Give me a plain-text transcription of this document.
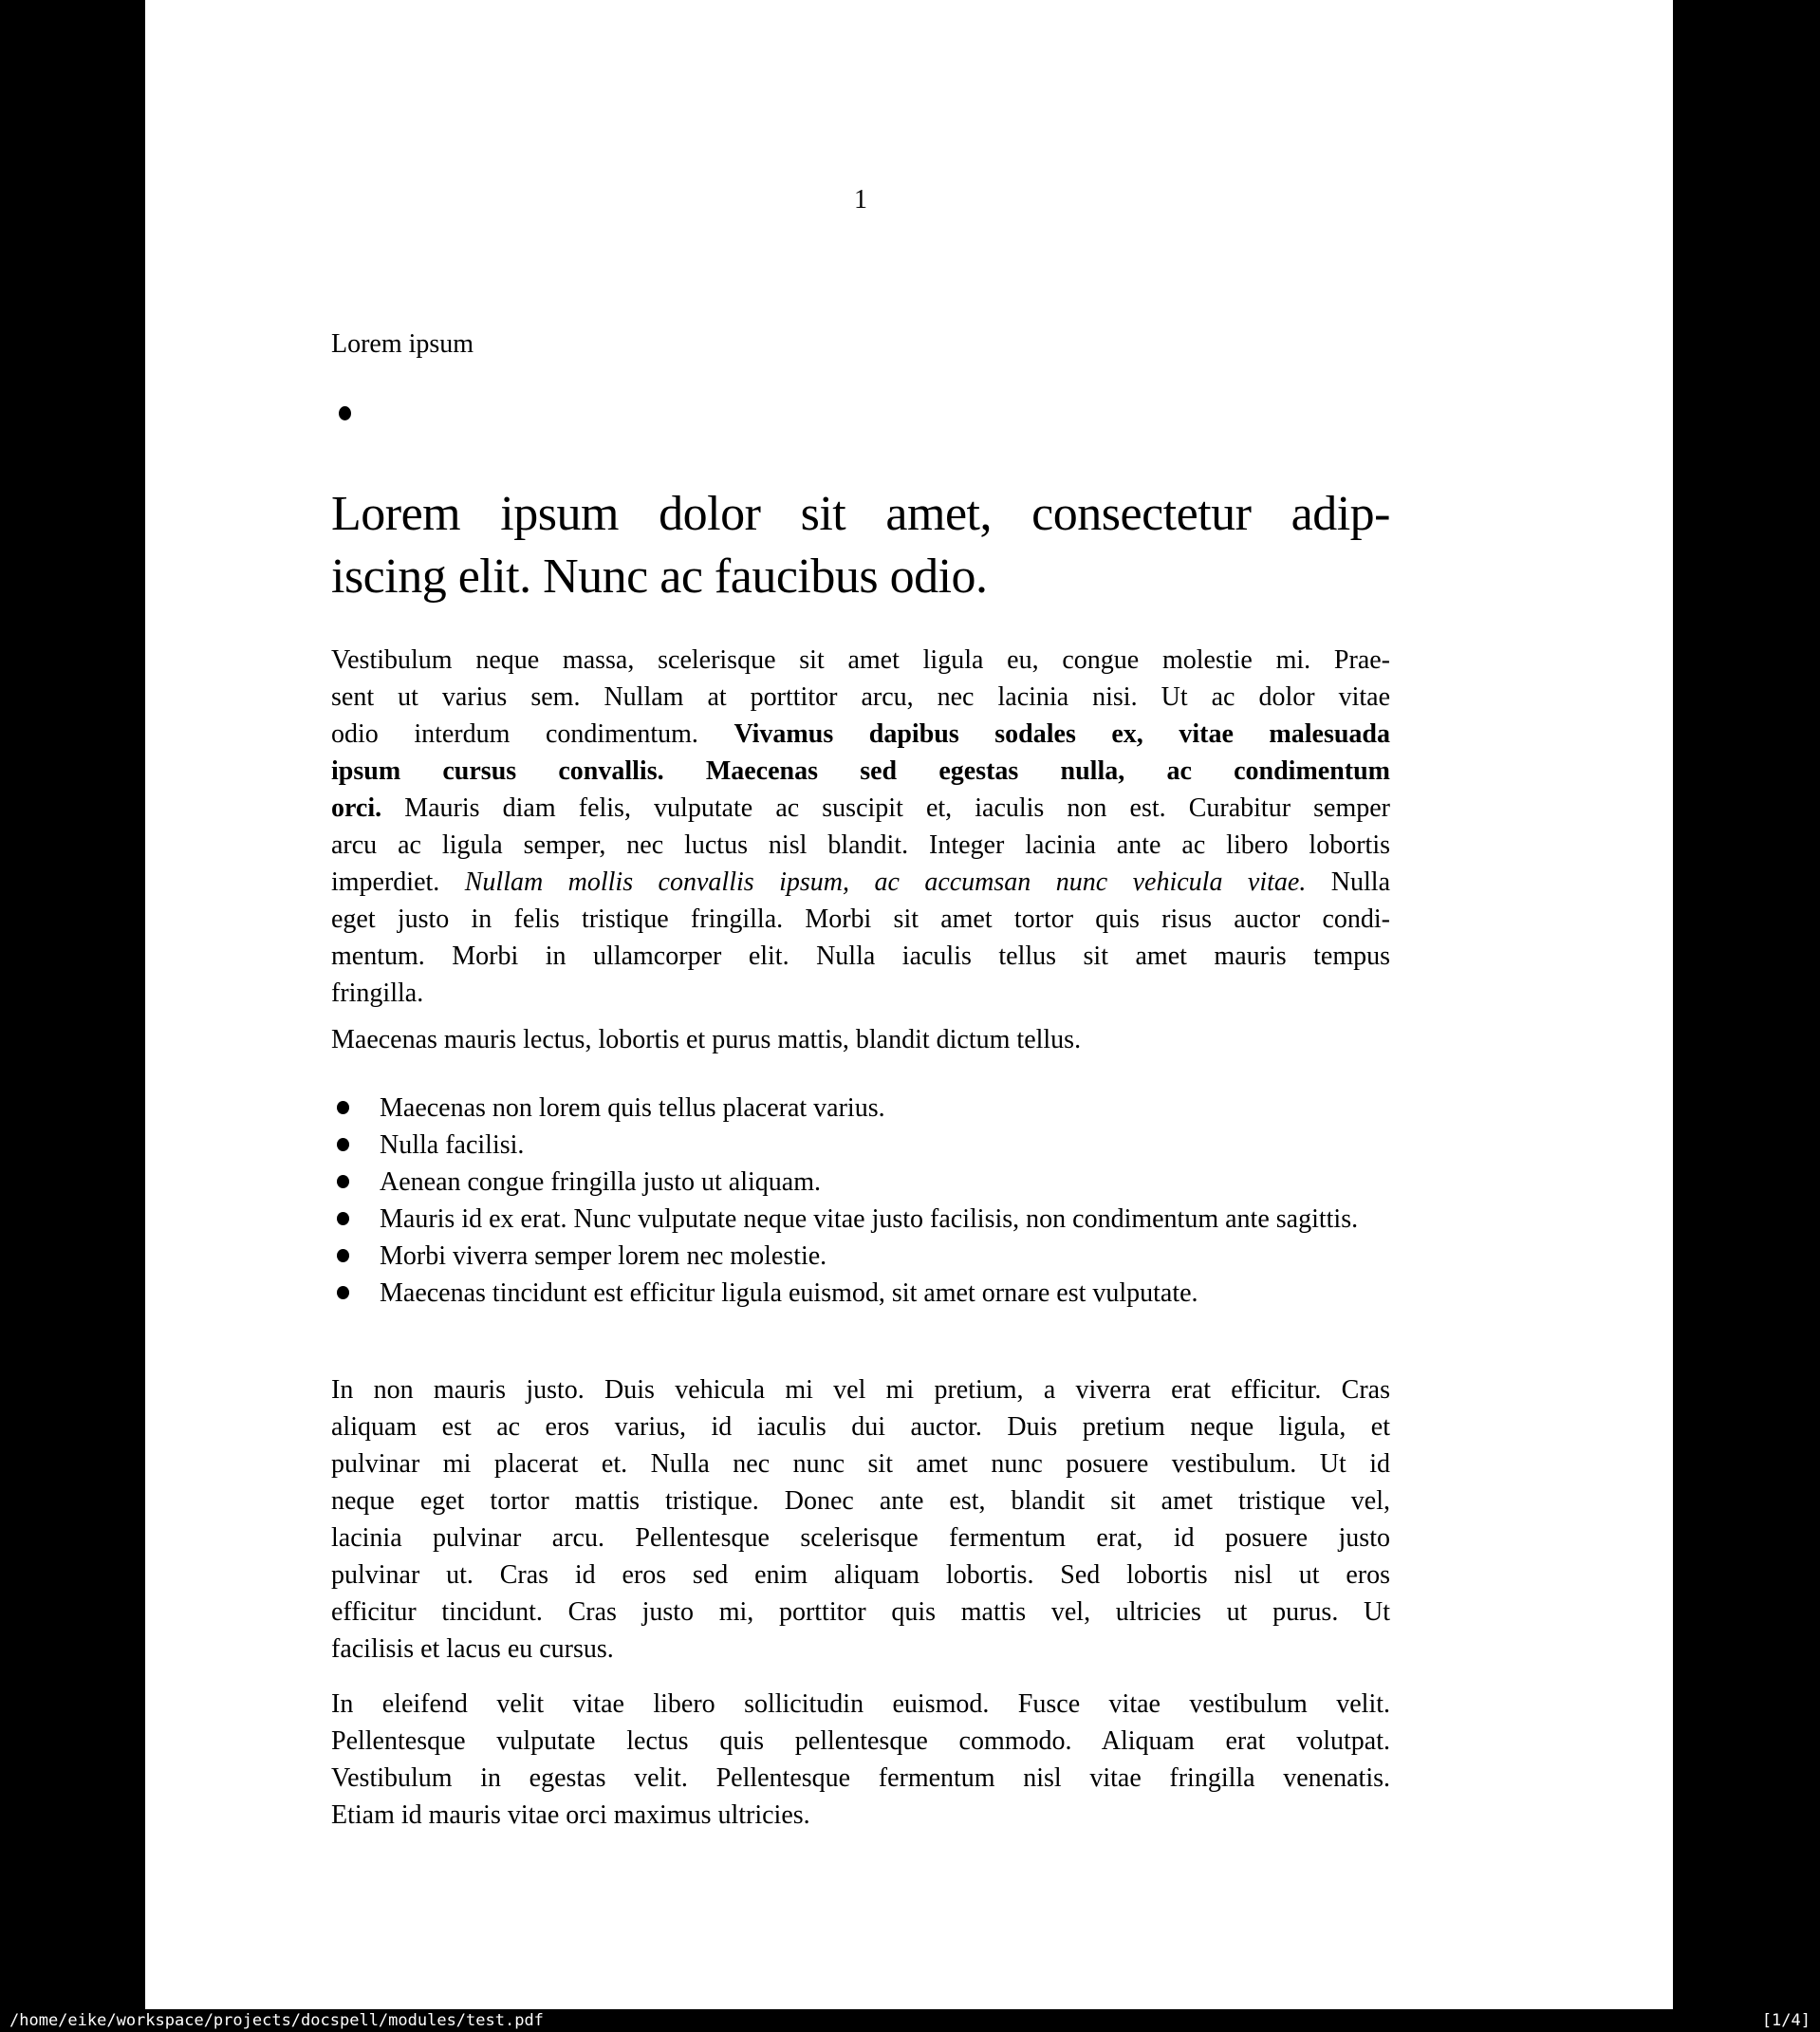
1
Lorem ipsum
Lorem ipsum dolor sit amet, consectetur adip-
iscing elit. Nunc ac faucibus odio.
Vestibulum neque massa, scelerisque sit amet ligula eu, congue molestie mi. Prae-
sent ut varius sem. Nullam at porttitor arcu, nec lacinia nisi. Ut ac dolor vitae
odio interdum condimentum. Vivamus dapibus sodales ex, vitae malesuada
ipsum cursus convallis. Maecenas sed egestas nulla, ac condimentum
orci. Mauris diam felis, vulputate ac suscipit et, iaculis non est. Curabitur semper
arcu ac ligula semper, nec luctus nisl blandit. Integer lacinia ante ac libero lobortis
imperdiet. Nullam mollis convallis ipsum, ac accumsan nunc vehicula vitae. Nulla
eget justo in felis tristique fringilla. Morbi sit amet tortor quis risus auctor condi-
mentum. Morbi in ullamcorper elit. Nulla iaculis tellus sit amet mauris tempus
fringilla.
Maecenas mauris lectus, lobortis et purus mattis, blandit dictum tellus.
Maecenas non lorem quis tellus placerat varius.
Nulla facilisi.
Aenean congue fringilla justo ut aliquam.
Mauris id ex erat. Nunc vulputate neque vitae justo facilisis, non condimentum ante sagittis.
Morbi viverra semper lorem nec molestie.
Maecenas tincidunt est efficitur ligula euismod, sit amet ornare est vulputate.
In non mauris justo. Duis vehicula mi vel mi pretium, a viverra erat efficitur. Cras
aliquam est ac eros varius, id iaculis dui auctor. Duis pretium neque ligula, et
pulvinar mi placerat et. Nulla nec nunc sit amet nunc posuere vestibulum. Ut id
neque eget tortor mattis tristique. Donec ante est, blandit sit amet tristique vel,
lacinia pulvinar arcu. Pellentesque scelerisque fermentum erat, id posuere justo
pulvinar ut. Cras id eros sed enim aliquam lobortis. Sed lobortis nisl ut eros
efficitur tincidunt. Cras justo mi, porttitor quis mattis vel, ultricies ut purus. Ut
facilisis et lacus eu cursus.
In eleifend velit vitae libero sollicitudin euismod. Fusce vitae vestibulum velit.
Pellentesque vulputate lectus quis pellentesque commodo. Aliquam erat volutpat.
Vestibulum in egestas velit. Pellentesque fermentum nisl vitae fringilla venenatis.
Etiam id mauris vitae orci maximus ultricies.
/home/eike/workspace/projects/docspell/modules/test.pdf	[1/4]
